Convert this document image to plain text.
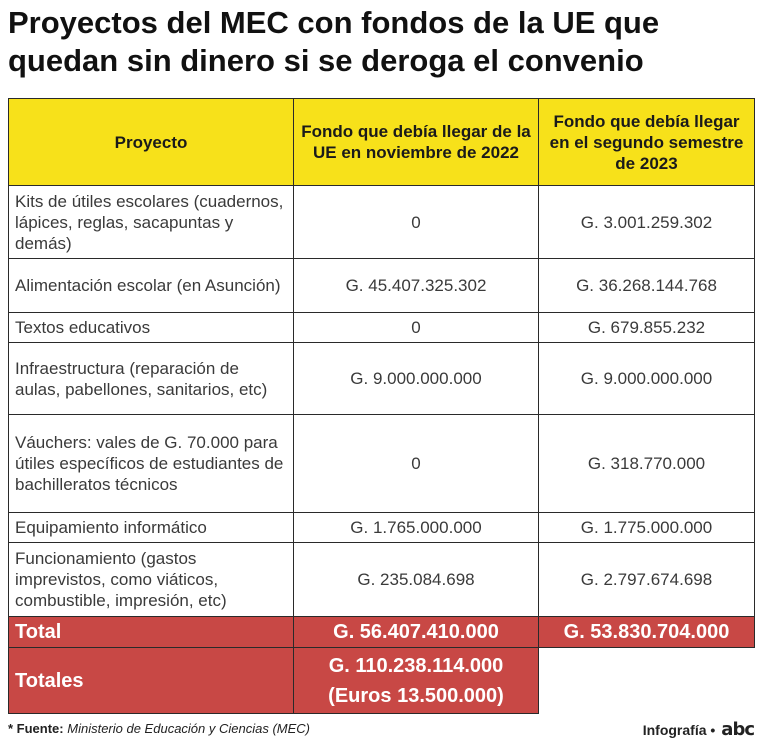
Proyectos del MEC con fondos de la UE que quedan sin dinero si se deroga el convenio
Proyecto	Fondo que debía llegar de la UE en noviembre de 2022	Fondo que debía llegar en el segundo semestre de 2023
Kits de útiles escolares (cuadernos, lápices, reglas, sacapuntas y demás)	0	G. 3.001.259.302
Alimentación escolar (en Asunción)	G. 45.407.325.302	G. 36.268.144.768
Textos educativos	0	G. 679.855.232
Infraestructura (reparación de aulas, pabellones, sanitarios, etc)	G. 9.000.000.000	G. 9.000.000.000
Váuchers: vales de G. 70.000 para útiles específicos de estudiantes de bachilleratos técnicos	0	G. 318.770.000
Equipamiento informático	G. 1.765.000.000	G. 1.775.000.000
Funcionamiento (gastos imprevistos, como viáticos, combustible, impresión, etc)	G. 235.084.698	G. 2.797.674.698
Total	G. 56.407.410.000	G. 53.830.704.000
Totales	G. 110.238.114.000
(Euros 13.500.000)	

* Fuente: Ministerio de Educación y Ciencias (MEC)	Infografía • abc
